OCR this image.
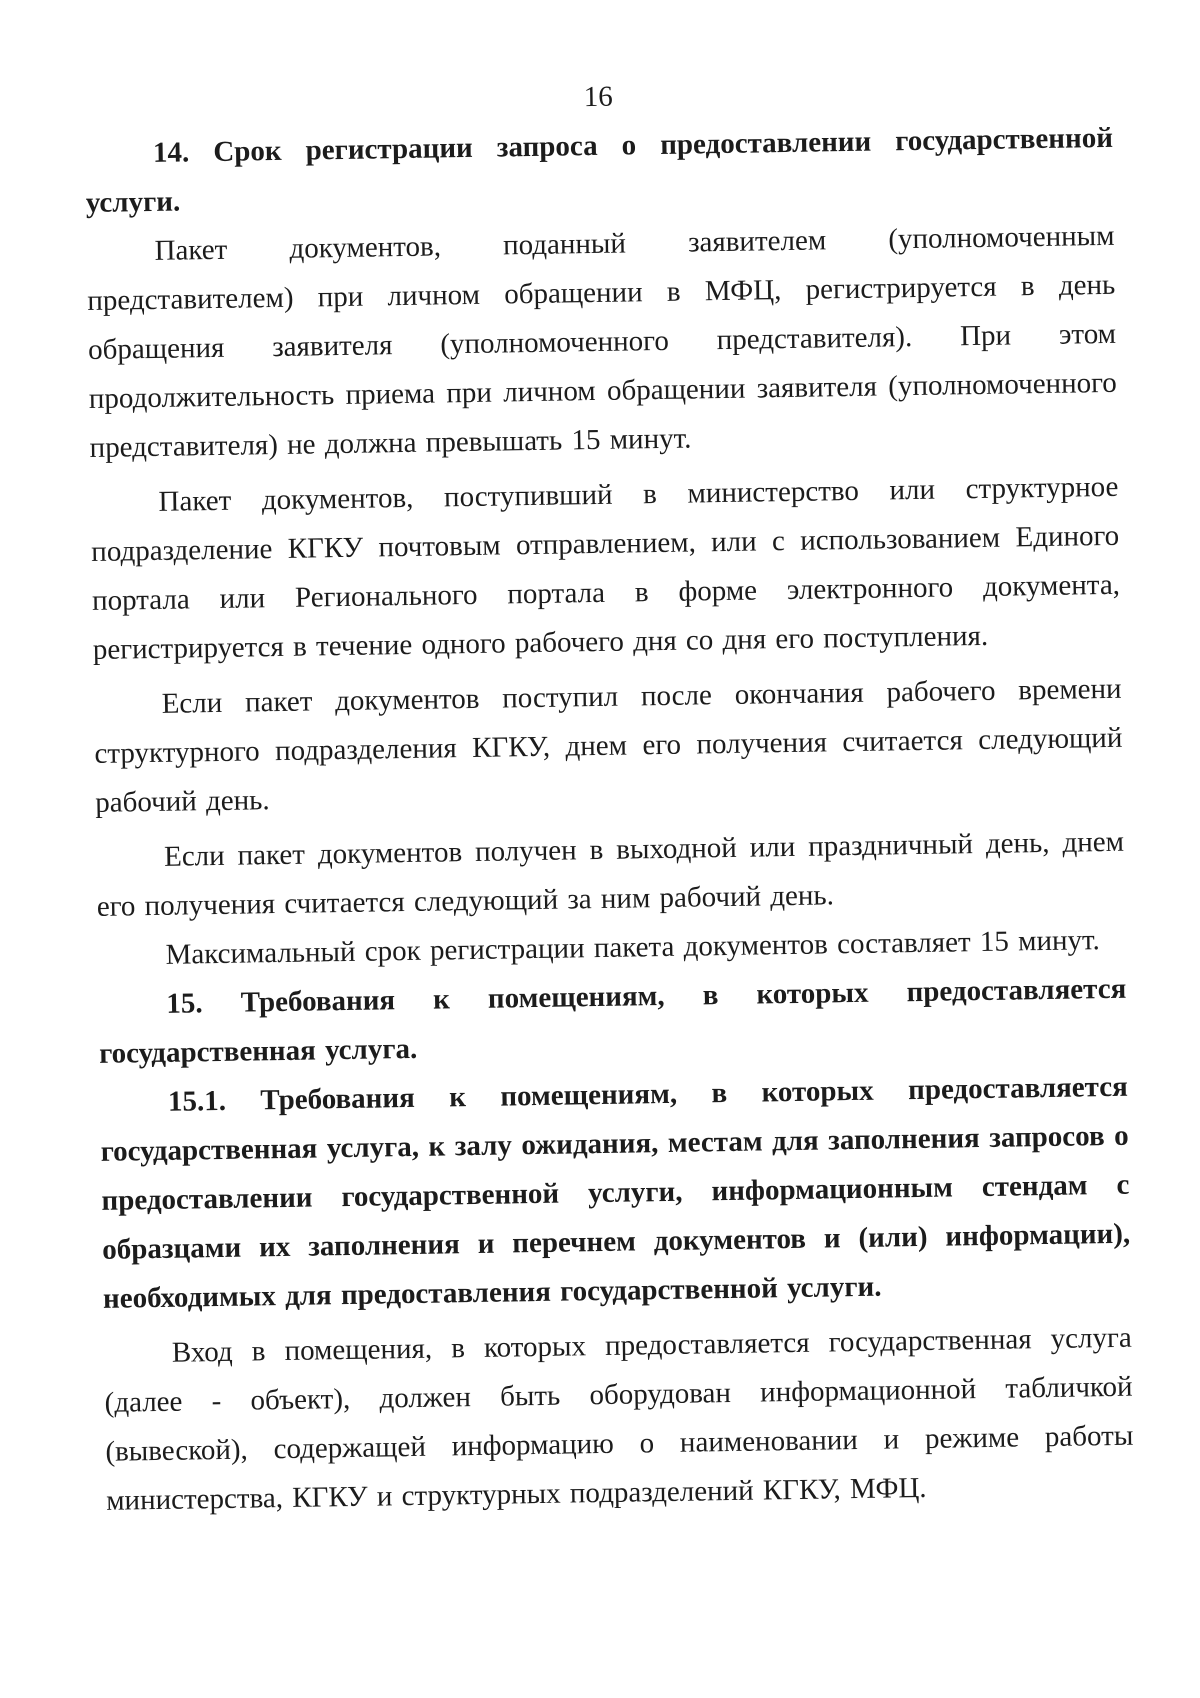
16

14. Срок регистрации запроса о предоставлении государственной услуги.

Пакет документов, поданный заявителем (уполномоченным представителем) при личном обращении в МФЦ, регистрируется в день обращения заявителя (уполномоченного представителя). При этом продолжительность приема при личном обращении заявителя (уполномоченного представителя) не должна превышать 15 минут.

Пакет документов, поступивший в министерство или структурное подразделение КГКУ почтовым отправлением, или с использованием Единого портала или Регионального портала в форме электронного документа, регистрируется в течение одного рабочего дня со дня его поступления.

Если пакет документов поступил после окончания рабочего времени структурного подразделения КГКУ, днем его получения считается следующий рабочий день.

Если пакет документов получен в выходной или праздничный день, днем его получения считается следующий за ним рабочий день.

Максимальный срок регистрации пакета документов составляет 15 минут.

15. Требования к помещениям, в которых предоставляется государственная услуга.

15.1. Требования к помещениям, в которых предоставляется государственная услуга, к залу ожидания, местам для заполнения запросов о предоставлении государственной услуги, информационным стендам с образцами их заполнения и перечнем документов и (или) информации), необходимых для предоставления государственной услуги.

Вход в помещения, в которых предоставляется государственная услуга (далее - объект), должен быть оборудован информационной табличкой (вывеской), содержащей информацию о наименовании и режиме работы министерства, КГКУ и структурных подразделений КГКУ, МФЦ.
